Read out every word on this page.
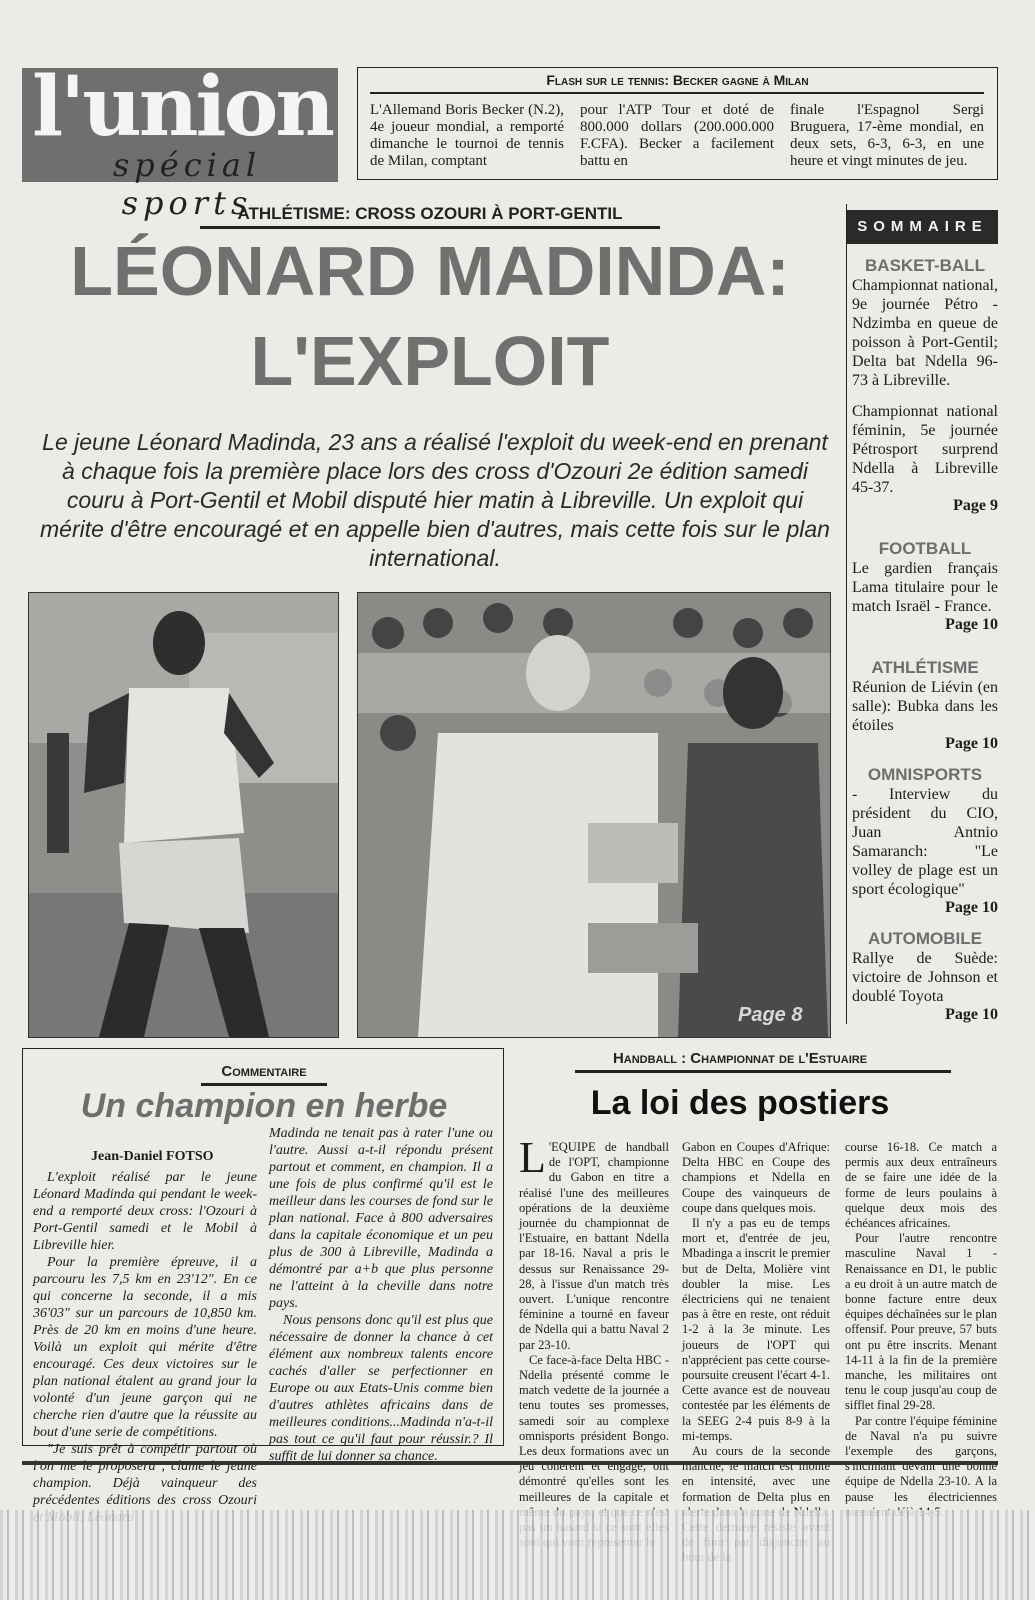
l'union
spécial sports
Flash sur le tennis: Becker gagne à Milan

L'Allemand Boris Becker (N.2), 4e joueur mondial, a remporté dimanche le tournoi de tennis de Milan, comptant

pour l'ATP Tour et doté de 800.000 dollars (200.000.000 F.CFA). Becker a facilement battu en

finale l'Espagnol Sergi Bruguera, 17-ème mondial, en deux sets, 6-3, 6-3, en une heure et vingt minutes de jeu.

ATHLÉTISME: CROSS OZOURI À PORT-GENTIL
LÉONARD MADINDA:
L'EXPLOIT
Le jeune Léonard Madinda, 23 ans a réalisé l'exploit du week-end en prenant à chaque fois la première place lors des cross d'Ozouri 2e édition samedi couru à Port-Gentil et Mobil disputé hier matin à Libreville. Un exploit qui mérite d'être encouragé et en appelle bien d'autres, mais cette fois sur le plan international.
Page 8
SOMMAIRE
BASKET-BALL
Championnat national, 9e journée Pétro - Ndzimba en queue de poisson à Port-Gentil; Delta bat Ndella 96-73 à Libreville.
Championnat national féminin, 5e journée Pétrosport surprend Ndella à Libreville 45-37.
Page 9
FOOTBALL
Le gardien français Lama titulaire pour le match Israël - France.
Page 10
ATHLÉTISME
Réunion de Liévin (en salle): Bubka dans les étoiles
Page 10
OMNISPORTS
- Interview du président du CIO, Juan Antnio Samaranch: "Le volley de plage est un sport écologique"
Page 10
AUTOMOBILE
Rallye de Suède: victoire de Johnson et doublé Toyota
Page 10
Commentaire
Un champion en herbe
Jean-Daniel FOTSO

L'exploit réalisé par le jeune Léonard Madinda qui pendant le week-end a remporté deux cross: l'Ozouri à Port-Gentil samedi et le Mobil à Libreville hier.

Pour la première épreuve, il a parcouru les 7,5 km en 23'12". En ce qui concerne la seconde, il a mis 36'03" sur un parcours de 10,850 km. Près de 20 km en moins d'une heure. Voilà un exploit qui mérite d'être encouragé. Ces deux victoires sur le plan national étalent au grand jour la volonté d'un jeune garçon qui ne cherche rien d'autre que la réussite au bout d'une serie de compétitions.

"Je suis prêt à compétir partout où l'on me le proposera", clame le jeune champion. Déjà vainqueur des précédentes éditions des cross Ozouri

Madinda ne tenait pas à rater l'une ou l'autre. Aussi a-t-il répondu présent partout et comment, en champion. Il a une fois de plus confirmé qu'il est le meilleur dans les courses de fond sur le plan national. Face à 800 adversaires dans la capitale économique et un peu plus de 300 à Libreville, Madinda a démontré par a+b que plus personne ne l'atteint à la cheville dans notre pays.

Nous pensons donc qu'il est plus que nécessaire de donner la chance à cet élément aux nombreux talents encore cachés d'aller se perfectionner en Europe ou aux Etats-Unis comme bien d'autres athlètes africains dans de meilleures conditions...Madinda n'a-t-il pas tout ce qu'il faut pour réussir.? Il suffit de lui donner sa chance.

Handball : Championnat de l'Estuaire
La loi des postiers
L 'EQUIPE de handball de l'OPT, championne du Gabon en titre a réalisé l'une des meilleures opérations de la deuxième journée du championnat de l'Estuaire, en battant Ndella par 18-16. Naval a pris le dessus sur Renaissance 29-28, à l'issue d'un match très ouvert. L'unique rencontre féminine a tourné en faveur de Ndella qui a battu Naval 2 par 23-10.

Ce face-à-face Delta HBC - Ndella présenté comme le match vedette de la journée a tenu toutes ses promesses, samedi soir au complexe omnisports président Bongo. Les deux formations avec un jeu cohérent et engagé, ont démontré qu'elles sont les meilleures de la capitale et

Gabon en Coupes d'Afrique: Delta HBC en Coupe des champions et Ndella en Coupe des vainqueurs de coupe dans quelques mois.

Il n'y a pas eu de temps mort et, d'entrée de jeu, Mbadinga a inscrit le premier but de Delta, Molière vint doubler la mise. Les électriciens qui ne tenaient pas à être en reste, ont réduit 1-2 à la 3e minute. Les joueurs de l'OPT qui n'apprécient pas cette course-poursuite creusent l'écart 4-1. Cette avance est de nouveau contestée par les éléments de la SEEG 2-4 puis 8-9 à la mi-temps.

Au cours de la seconde manche, le match est monté en intensité, avec une formation de Delta plus en

course 16-18. Ce match a permis aux deux entraîneurs de se faire une idée de la forme de leurs poulains à quelque deux mois des échéances africaines.

Pour l'autre rencontre masculine Naval 1 - Renaissance en D1, le public a eu droit à un autre match de bonne facture entre deux équipes déchaînées sur le plan offensif. Pour preuve, 57 buts ont pu être inscrits. Menant 14-11 à la fin de la première manche, les militaires ont tenu le coup jusqu'au coup de sifflet final 29-28.

Par contre l'équipe féminine de Naval n'a pu suivre l'exemple des garçons, s'inclinant devant une bonne équipe de Ndella 23-10. A la pause les électriciennes
